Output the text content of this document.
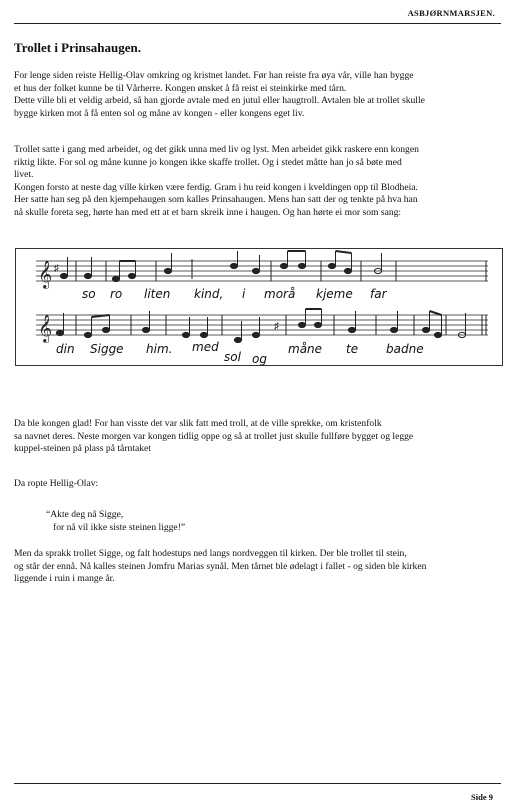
ASBJØRNMARSJEN.
Trollet i Prinsahaugen.

For lenge siden reiste Hellig-Olav omkring og kristnet landet. Før han reiste fra øya vår, ville han bygge

et hus der folket kunne be til Vårherre. Kongen ønsket å få reist ei steinkirke med tårn.

Dette ville bli et veldig arbeid, så han gjorde avtale med en jutul eller haugtroll. Avtalen ble at trollet skulle

bygge kirken mot å få enten sol og måne av kongen - eller kongens eget liv.

Trollet satte i gang med arbeidet, og det gikk unna med liv og lyst. Men arbeidet gikk raskere enn kongen

riktig likte. For sol og måne kunne jo kongen ikke skaffe trollet. Og i stedet måtte han jo så bøte med

livet.

Kongen forsto at neste dag ville kirken være ferdig. Gram i hu reid kongen i kveldingen opp til Blodheia.

Her satte han seg på den kjempehaugen som kalles Prinsahaugen. Mens han satt der og tenkte på hva han

nå skulle foreta seg, hørte han med ett at et barn skreik inne i haugen. Og han hørte ei mor som sang:

𝄞
𝄞
♯
♯
so ro liten kind, i morå kjeme far
din Sigge him. med
sol og
måne te badne

Da ble kongen glad! For han visste det var slik fatt med troll, at de ville sprekke, om kristenfolk

sa navnet deres. Neste morgen var kongen tidlig oppe og så at trollet just skulle fullføre bygget og legge

kuppel-steinen på plass på tårntaket

Da ropte Hellig-Olav:

“Akte deg nå Sigge,
for nå vil ikke siste steinen ligge!”

Men da sprakk trollet Sigge, og falt hodestups ned langs nordveggen til kirken. Der ble trollet til stein,

og står der ennå. Nå kalles steinen Jomfru Marias synål. Men tårnet ble ødelagt i fallet - og siden ble kirken

liggende i ruin i mange år.

Side 9
